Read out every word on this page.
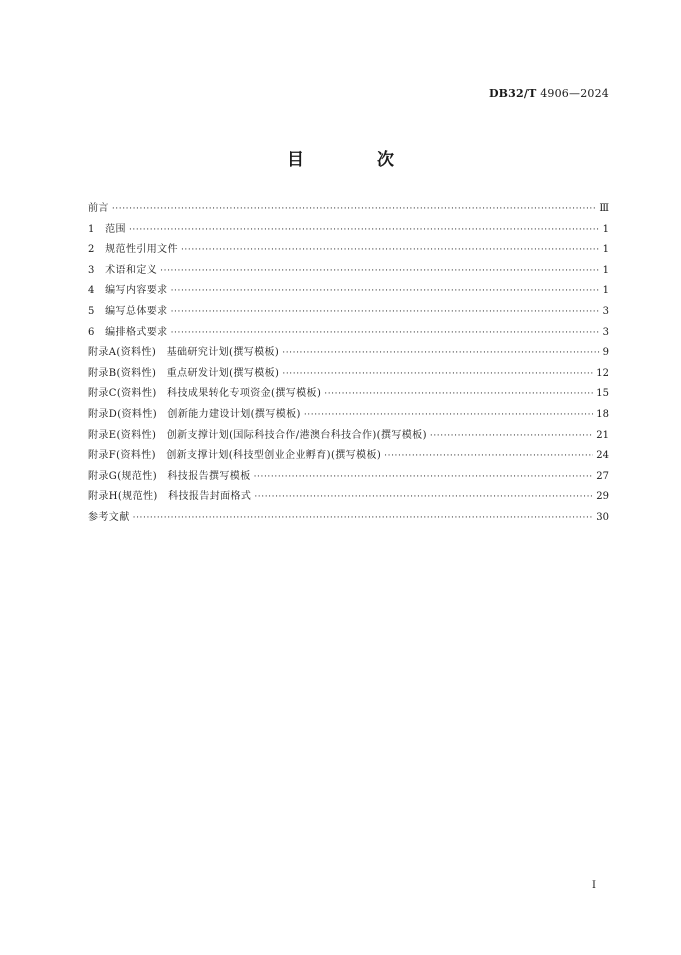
DB32/T 4906—2024
目　次
前言 ·····	Ⅲ
1　范围 ·····	1
2　规范性引用文件 ·····	1
3　术语和定义 ·····	1
4　编写内容要求 ·····	1
5　编写总体要求 ·····	3
6　编排格式要求 ·····	3
附录A(资料性)　基础研究计划(撰写模板) ·····	9
附录B(资料性)　重点研发计划(撰写模板) ·····	12
附录C(资料性)　科技成果转化专项资金(撰写模板) ·····	15
附录D(资料性)　创新能力建设计划(撰写模板) ·····	18
附录E(资料性)　创新支撑计划(国际科技合作/港澳台科技合作)(撰写模板) ·····	21
附录F(资料性)　创新支撑计划(科技型创业企业孵育)(撰写模板) ·····	24
附录G(规范性)　科技报告撰写模板 ·····	27
附录H(规范性)　科技报告封面格式 ·····	29
参考文献 ·····	30
I
